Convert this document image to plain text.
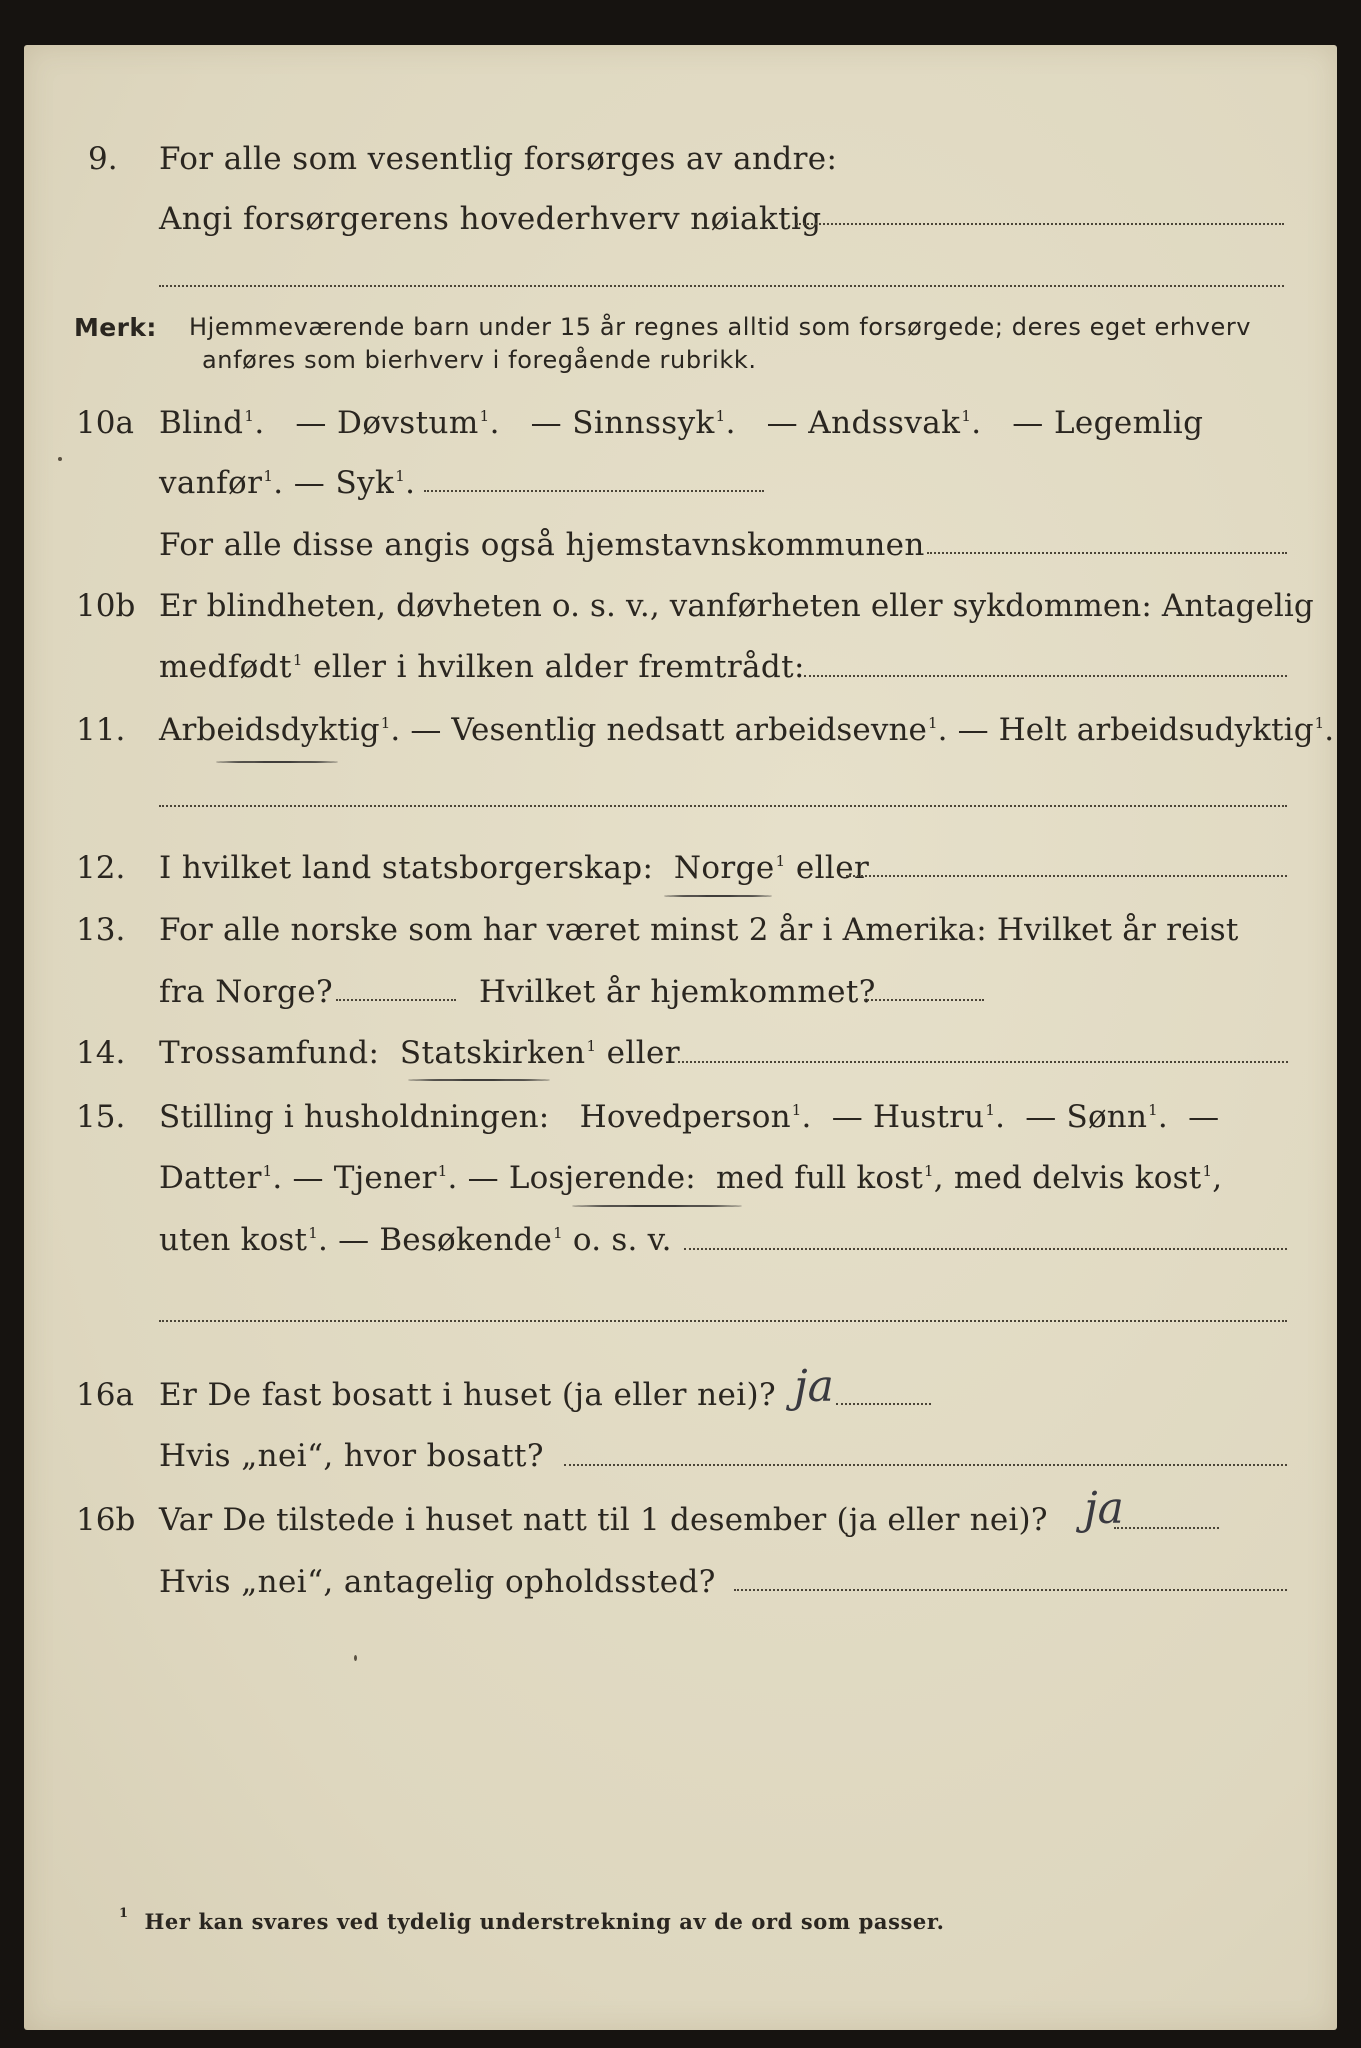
9. For alle som vesentlig forsørges av andre:
Angi forsørgerens hovederhverv nøiaktig
Merk: Hjemmeværende barn under 15 år regnes alltid som forsørgede; deres eget erhverv
anføres som bierhverv i foregående rubrikk.
10a Blind$^1$.   — Døvstum$^1$.   — Sinnssyk$^1$.   — Andssvak$^1$.   — Legemlig
vanfør$^1$. — Syk$^1$.
For alle disse angis også hjemstavnskommunen
10b Er blindheten, døvheten o. s. v., vanførheten eller sykdommen: Antagelig
medfødt$^1$ eller i hvilken alder fremtrådt:
11. Arbeidsdyktig$^1$. — Vesentlig nedsatt arbeidsevne$^1$. — Helt arbeidsudyktig$^1$.
12. I hvilket land statsborgerskap: Norge$^1$ eller
13. For alle norske som har været minst 2 år i Amerika: Hvilket år reist
fra Norge?	Hvilket år hjemkommet?
14. Trossamfund: Statskirken$^1$ eller
15. Stilling i husholdningen: Hovedperson$^1$.  — Hustru$^1$.  — Sønn$^1$.  —
Datter$^1$. — Tjener$^1$. — Losjerende: med full kost$^1$, med delvis kost$^1$,
uten kost$^1$. — Besøkende$^1$ o. s. v.
16a Er De fast bosatt i huset (ja eller nei)? ja
Hvis „nei“, hvor bosatt?
16b Var De tilstede i huset natt til 1 desember (ja eller nei)? ja
Hvis „nei“, antagelig opholdssted?
$^1$ Her kan svares ved tydelig understrekning av de ord som passer.
